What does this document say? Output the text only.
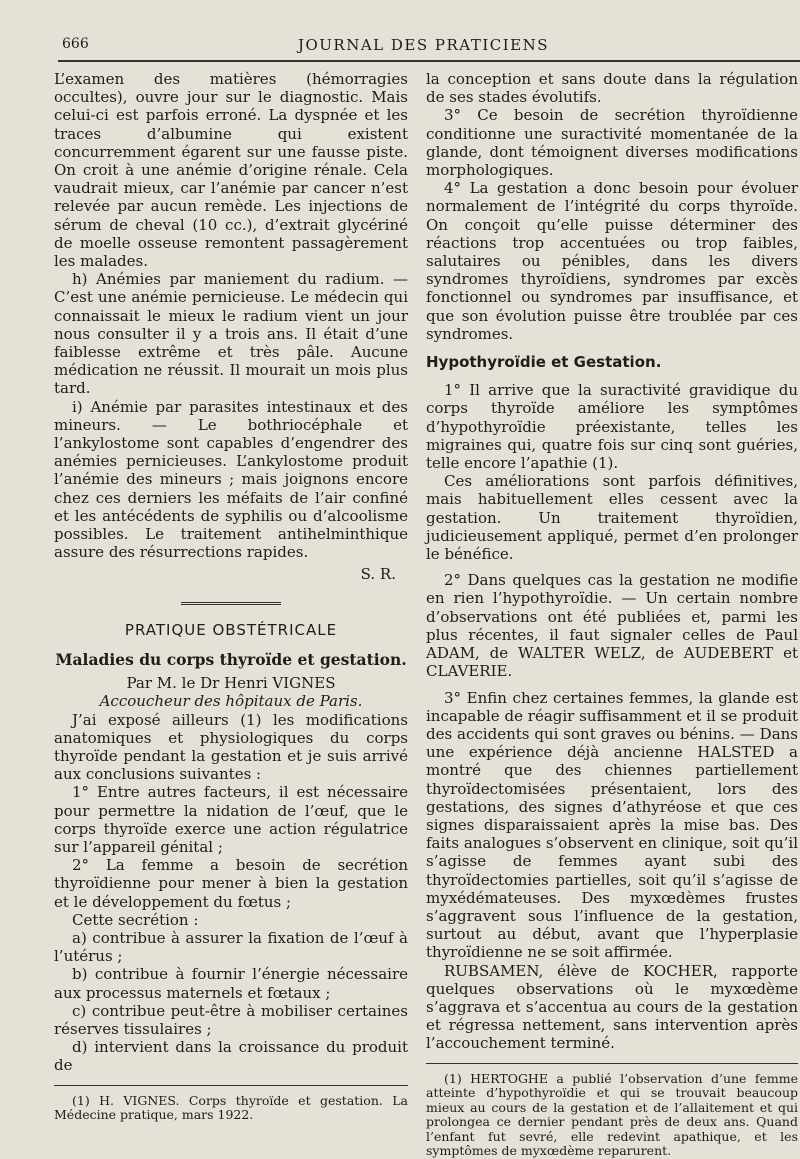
666	JOURNAL DES PRATICIENS

L’examen des matières (hémorragies occultes), ouvre jour sur le diagnostic. Mais celui-ci est parfois erroné. La dyspnée et les traces d’albumine qui existent concurremment égarent sur une fausse piste. On croit à une anémie d’origine rénale. Cela vaudrait mieux, car l’anémie par cancer n’est relevée par aucun remède. Les injections de sérum de cheval (10 cc.), d’extrait glycériné de moelle osseuse remontent passagèrement les malades.

h) Anémies par maniement du radium. — C’est une anémie pernicieuse. Le médecin qui connaissait le mieux le radium vient un jour nous consulter il y a trois ans. Il était d’une faiblesse extrême et très pâle. Aucune médication ne réussit. Il mourait un mois plus tard.

i) Anémie par parasites intestinaux et des mineurs. — Le bothriocéphale et l’ankylostome sont capables d’engendrer des anémies pernicieuses. L’ankylostome produit l’anémie des mineurs ; mais joignons encore chez ces derniers les méfaits de l’air confiné et les antécédents de syphilis ou d’alcoolisme possibles. Le traitement antihelminthique assure des résurrections rapides.

S. R.
PRATIQUE OBSTÉTRICALE
Maladies du corps thyroïde et gestation.

Par M. le Dr Henri VIGNES

Accoucheur des hôpitaux de Paris.

J’ai exposé ailleurs (1) les modifications anatomiques et physiologiques du corps thyroïde pendant la gestation et je suis arrivé aux conclusions suivantes :

1° Entre autres facteurs, il est nécessaire pour permettre la nidation de l’œuf, que le corps thyroïde exerce une action régulatrice sur l’appareil génital ;

2° La femme a besoin de secrétion thyroïdienne pour mener à bien la gestation et le développement du fœtus ;

Cette secrétion :

a) contribue à assurer la fixation de l’œuf à l’utérus ;

b) contribue à fournir l’énergie nécessaire aux processus maternels et fœtaux ;

c) contribue peut-être à mobiliser certaines réserves tissulaires ;

d) intervient dans la croissance du produit de

(1) H. VIGNES. Corps thyroïde et gestation. La Médecine pratique, mars 1922.

la conception et sans doute dans la régulation de ses stades évolutifs.

3° Ce besoin de secrétion thyroïdienne conditionne une suractivité momentanée de la glande, dont témoignent diverses modifications morphologiques.

4° La gestation a donc besoin pour évoluer normalement de l’intégrité du corps thyroïde. On conçoit qu’elle puisse déterminer des réactions trop accentuées ou trop faibles, salutaires ou pénibles, dans les divers syndromes thyroïdiens, syndromes par excès fonctionnel ou syndromes par insuffisance, et que son évolution puisse être troublée par ces syndromes.

Hypothyroïdie et Gestation.

1° Il arrive que la suractivité gravidique du corps thyroïde améliore les symptômes d’hypothyroïdie préexistante, telles les migraines qui, quatre fois sur cinq sont guéries, telle encore l’apathie (1).

Ces améliorations sont parfois définitives, mais habituellement elles cessent avec la gestation. Un traitement thyroïdien, judicieusement appliqué, permet d’en prolonger le bénéfice.

2° Dans quelques cas la gestation ne modifie en rien l’hypothyroïdie. — Un certain nombre d’observations ont été publiées et, parmi les plus récentes, il faut signaler celles de Paul ADAM, de WALTER WELZ, de AUDEBERT et CLAVERIE.

3° Enfin chez certaines femmes, la glande est incapable de réagir suffisamment et il se produit des accidents qui sont graves ou bénins. — Dans une expérience déjà ancienne HALSTED a montré que des chiennes partiellement thyroïdectomisées présentaient, lors des gestations, des signes d’athyréose et que ces signes disparaissaient après la mise bas. Des faits analogues s’observent en clinique, soit qu’il s’agisse de femmes ayant subi des thyroïdectomies partielles, soit qu’il s’agisse de myxédémateuses. Des myxœdèmes frustes s’aggravent sous l’influence de la gestation, surtout au début, avant que l’hyperplasie thyroïdienne ne se soit affirmée.

RUBSAMEN, élève de KOCHER, rapporte quelques observations où le myxœdème s’aggrava et s’accentua au cours de la gestation et régressa nettement, sans intervention après l’accouchement terminé.

(1) HERTOGHE a publié l’observation d’une femme atteinte d’hypothyroïdie et qui se trouvait beaucoup mieux au cours de la gestation et de l’allaitement et qui prolongea ce dernier pendant près de deux ans. Quand l’enfant fut sevré, elle redevint apathique, et les symptômes de myxœdème reparurent.
